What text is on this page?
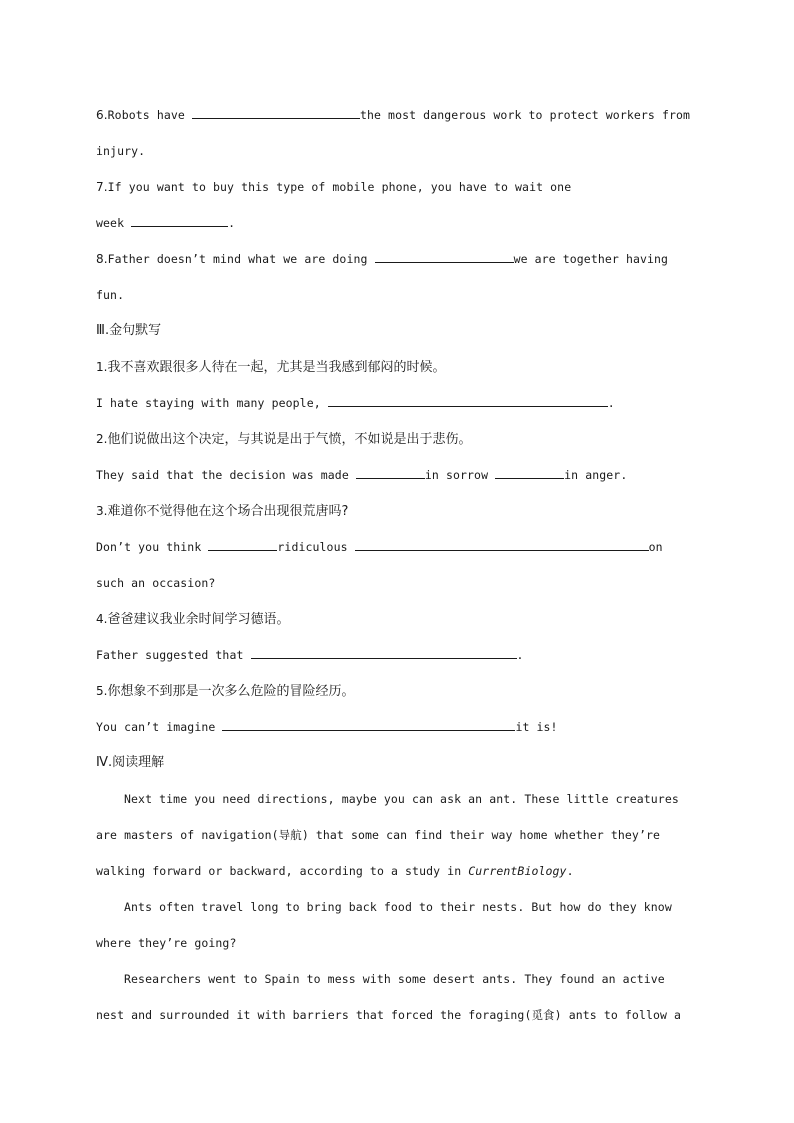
6.Robots have	the most dangerous work to protect workers from
injury.
7.If you want to buy this type of mobile phone, you have to wait one
week	.
8.Father doesn’t mind what we are doing	we are together having
fun.
Ⅲ.金句默写
1.我不喜欢跟很多人待在一起，尤其是当我感到郁闷的时候。
I hate staying with many people,	.
2.他们说做出这个决定，与其说是出于气愤，不如说是出于悲伤。
They said that the decision was made	in sorrow	in anger.
3.难道你不觉得他在这个场合出现很荒唐吗?
Don’t you think	ridiculous	on
such an occasion?
4.爸爸建议我业余时间学习德语。
Father suggested that	.
5.你想象不到那是一次多么危险的冒险经历。
You can’t imagine	it is!
Ⅳ.阅读理解
Next time you need directions, maybe you can ask an ant. These little creatures
are masters of navigation(导航) that some can find their way home whether they’re
walking forward or backward, according to a study in CurrentBiology.
Ants often travel long to bring back food to their nests. But how do they know
where they’re going?
Researchers went to Spain to mess with some desert ants. They found an active
nest and surrounded it with barriers that forced the foraging(觅食) ants to follow a
